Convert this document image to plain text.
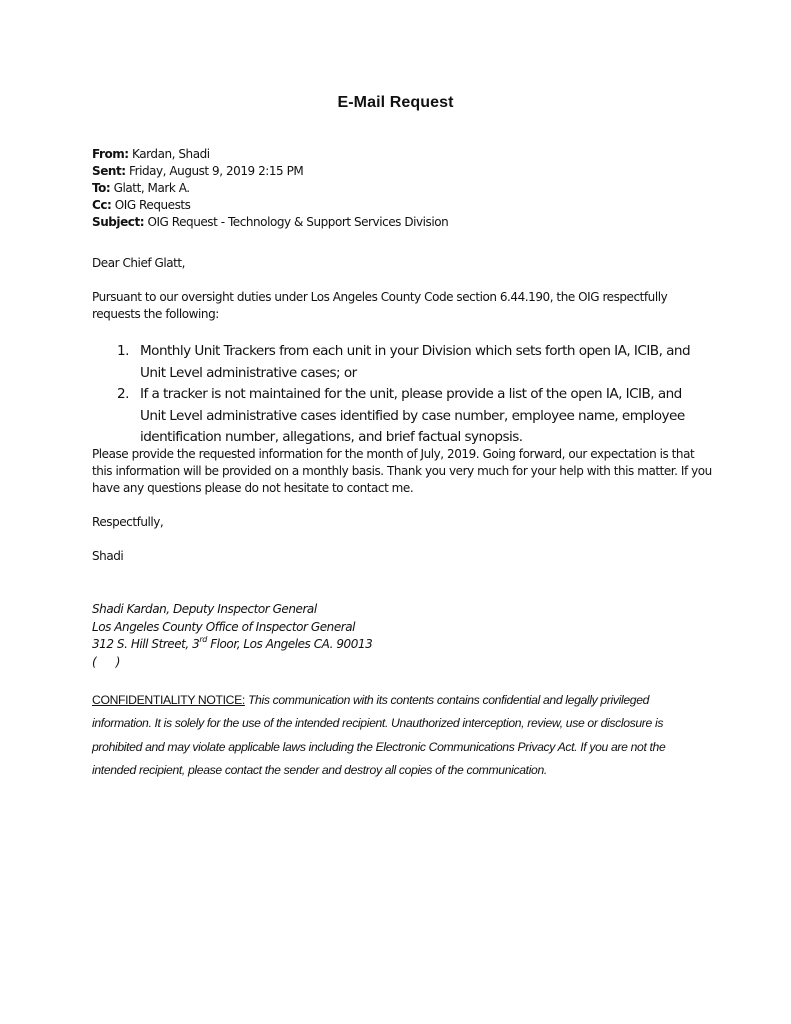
E-Mail Request
From: Kardan, Shadi
Sent: Friday, August 9, 2019 2:15 PM
To: Glatt, Mark A.
Cc: OIG Requests
Subject: OIG Request - Technology & Support Services Division
Dear Chief Glatt,
Pursuant to our oversight duties under Los Angeles County Code section 6.44.190, the OIG respectfully requests the following:
1. Monthly Unit Trackers from each unit in your Division which sets forth open IA, ICIB, and Unit Level administrative cases; or
2. If a tracker is not maintained for the unit, please provide a list of the open IA, ICIB, and Unit Level administrative cases identified by case number, employee name, employee identification number, allegations, and brief factual synopsis.
Please provide the requested information for the month of July, 2019. Going forward, our expectation is that this information will be provided on a monthly basis. Thank you very much for your help with this matter. If you have any questions please do not hesitate to contact me.
Respectfully,
Shadi
Shadi Kardan, Deputy Inspector General
Los Angeles County Office of Inspector General
312 S. Hill Street, 3rd Floor, Los Angeles CA. 90013
(     )
CONFIDENTIALITY NOTICE: This communication with its contents contains confidential and legally privileged information. It is solely for the use of the intended recipient. Unauthorized interception, review, use or disclosure is prohibited and may violate applicable laws including the Electronic Communications Privacy Act. If you are not the intended recipient, please contact the sender and destroy all copies of the communication.
